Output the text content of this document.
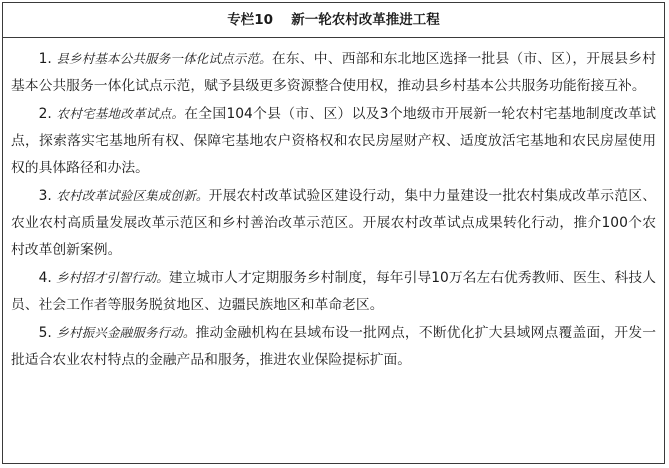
专栏10　 新一轮农村改革推进工程

1. 县乡村基本公共服务一体化试点示范。在东、中、西部和东北地区选择一批县（市、区），开展县乡村基本公共服务一体化试点示范，赋予县级更多资源整合使用权，推动县乡村基本公共服务功能衔接互补。

2. 农村宅基地改革试点。在全国104个县（市、区）以及3个地级市开展新一轮农村宅基地制度改革试点，探索落实宅基地所有权、保障宅基地农户资格权和农民房屋财产权、适度放活宅基地和农民房屋使用权的具体路径和办法。

3. 农村改革试验区集成创新。开展农村改革试验区建设行动，集中力量建设一批农村集成改革示范区、农业农村高质量发展改革示范区和乡村善治改革示范区。开展农村改革试点成果转化行动，推介100个农村改革创新案例。

4. 乡村招才引智行动。建立城市人才定期服务乡村制度，每年引导10万名左右优秀教师、医生、科技人员、社会工作者等服务脱贫地区、边疆民族地区和革命老区。

5. 乡村振兴金融服务行动。推动金融机构在县域布设一批网点，不断优化扩大县域网点覆盖面，开发一批适合农业农村特点的金融产品和服务，推进农业保险提标扩面。
